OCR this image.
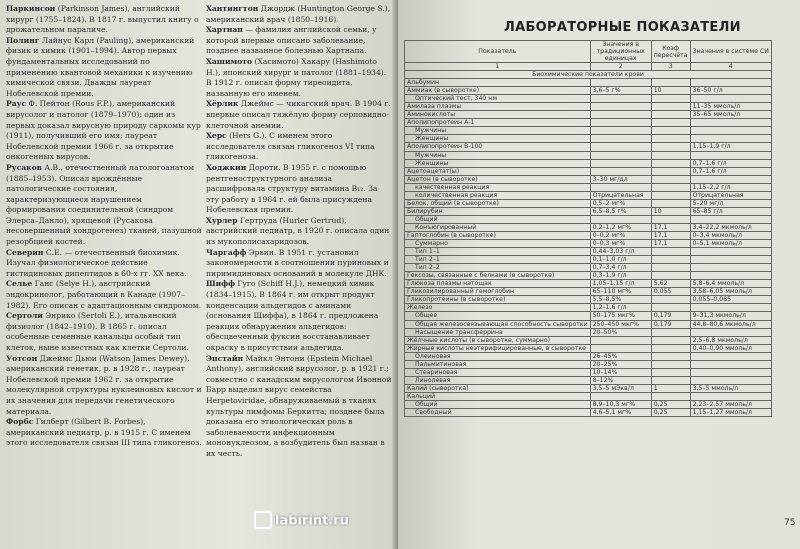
Паркинсон (Parkinson James), английский хирург (1755–1824). В 1817 г. выпустил книгу о дрожательном параличе.
Полинг Лайнус Карл (Pauling), американский физик и химик (1901–1994). Автор первых фундаментальных исследований по применению квантовой механики к изучению химической связи. Дважды лауреат Нобелевской премии.
Раус Ф. Пейтон (Rous F.P.), американский вирусолог и патолог (1879–1970); один из первых доказал вирусную природу саркомы кур (1911), получивший его имя; лауреат Нобелевской премии 1966 г. за открытие онкогенных вирусов.
Русаков А.В., отечественный патологоанатом (1885–1953). Описал врождённые патологические состояния, характеризующиеся нарушением формирования соединительной (синдром Элерса–Данло), хрящевой (Русакова несовершенный хондрогенез) тканей, пазушной резорбцией костей.
Северин С.Е. — отечественный биохимик. Изучал физиологическое действие гистидиновых дипептидов в 60-х гг. XX века.
Селье Ганс (Selye H.), австрийский эндокринолог, работающий в Канаде (1907–1982). Его описан с адаптационным синдромом.
Сертоли Энрико (Sertoli E.), итальянский физиолог (1842–1910). В 1865 г. описал особенные семенные канальцы особый тип клеток, ныне известных как клетки Сертоли.
Уотсон Джеймс Дьюи (Watson James Dewey), американский генетик, р. в 1928 г., лауреат Нобелевской премии 1962 г. за открытие молекулярной структуры нуклеиновых кислот и их значения для передачи генетического материала.
Форбс Гилберт (Gilbert B. Forbes), американский педиатр, р. в 1915 г. С именем этого исследователя связан III типа гликогеноз.
Хантингтон Джордж (Huntington George S.), американский врач (1850–1916).
Хартнап — фамилия английской семьи, у которой впервые описано заболевание, позднее названное болезнью Хартнапа.
Хашимото (Хасимото) Хакару (Hashimoto H.), японский хирург и патолог (1881–1934). В 1912 г. описал форму тиреоидита, названную его именем.
Хёрлик Джеймс — чикагский врач. В 1904 г. впервые описал тяжёлую форму серповидно-клеточной анемии.
Херс (Hers G.). С именем этого исследователя связан гликогеноз VI типа гликогеноза.
Ходжкин Дороти. В 1955 г. с помощью рентгеноструктурного анализа расшифровала структуру витамина B₁₂. За эту работу в 1964 г. ей была присуждена Нобелевская премия.
Хурлер Гертруда (Hurler Gertrud), австрийский педиатр, в 1920 г. описала один из мукополисахаридозов.
Чаргафф Эрвин. В 1951 г. установил закономерности в соотношении пуриновых и пиримидиновых оснований в молекуле ДНК.
Шифф Гуго (Schiff H.J.), немецкий химик (1834–1915). В 1864 г. им открыт продукт конденсации альдегидов с аминами (основания Шиффа), в 1864 г. предложена реакция обнаружения альдегидов: обесцвеченный фуксин восстанавливает окраску в присутствии альдегида.
Эпстайн Майкл Энтони (Epstein Michael Anthony), английский вирусолог, р. в 1921 г.; совместно с канадским вирусологом Ивонной Барр выделил вирус семейства Herpetoviridae, обнаруживаемый в тканях культуры лимфомы Беркитта; позднее была доказана его этиологическая роль в заболеваемости инфекционным мононуклеозом, а возбудитель был назван в их честь.
ЛАБОРАТОРНЫЕ ПОКАЗАТЕЛИ
Показатель	Значения в традиционных единицах	Коэф пересчёта	Значения в системе СИ
1	2	3	4
Биохимические показатели крови			
Альбумин			
Аммиак (в сыворотке)	3,6–5 г%	10	36–50 г/л
Оптический тест, 340 нм			
Амилаза плазмы			11–35 ммоль/л
Аминокислоты			35–65 ммоль/л
Аполипопротеин А-1			
Мужчины			
Женщины			
Аполипопротеин В-100			1,15–1,9 г/л
Мужчины			
Женщины			0,7–1,6 г/л
Ацетоацетат(ы)			0,7–1,6 г/л
Ацетон (в сыворотке)	3–30 мг/дл		
качественная реакция			1,15–2,2 г/л
количественная реакция	Отрицательная		Отрицательная
Белок, общий (в сыворотке)	0,5–2 мг%		5–20 мг/л
Билирубин	6,5–8,5 г%	10	65–85 г/л
Общий			
Конъюгированный	0,2–1,2 мг%	17,1	3,4–22,2 мкмоль/л
Гаптоглобин (в сыворотке)	0–0,2 мг%	17,1	0–3,4 мкмоль/л
Суммарно	0–0,3 мг%	17,1	0–5,1 мкмоль/л
Тип 1–1	0,44–3,03 г/л		
Тип 2–1	0,1–1,0 г/л		
Тип 2–2	0,7–3,4 г/л		
Гексозы, связанные с белками (в сыворотке)	0,3–1,9 г/л		
Глюкоза плазмы натощак	1,05–1,15 г/л	5,62	5,8–6,4 ммоль/л
Гликозилированный гемоглобин	65–110 мг%	0,055	3,58–6,05 ммоль/л
Гликопротеины (в сыворотке)	5,5–8,5%		0,055–0,085
Железо	1,2–1,6 г/л		
Общее	50–175 мкг%	0,179	9–31,3 мкмоль/л
Общая железосвязывающая способность сыворотки	250–450 мкг%	0,179	44,8–80,6 мкмоль/л
Насыщение трансферрина	20–50%		
Жёлчные кислоты (в сыворотке, суммарно)			2,5–6,8 мкмоль/л
Жирные кислоты неэтерифицированные, в сыворотке			0,40–0,90 ммоль/л
Олеиновая	26–45%		
Пальмитиновая	20–25%		
Стеариновая	10–14%		
Линолевая	8–12%		
Калий (сыворотка)	3,5–5 мЭкв/л	1	3,5–5 ммоль/л
Кальций			
Общий	8,9–10,3 мг%	0,25	2,23–2,57 ммоль/л
Свободный	4,6–5,1 мг%	0,25	1,15–1,27 ммоль/л
75
labirint.ru
